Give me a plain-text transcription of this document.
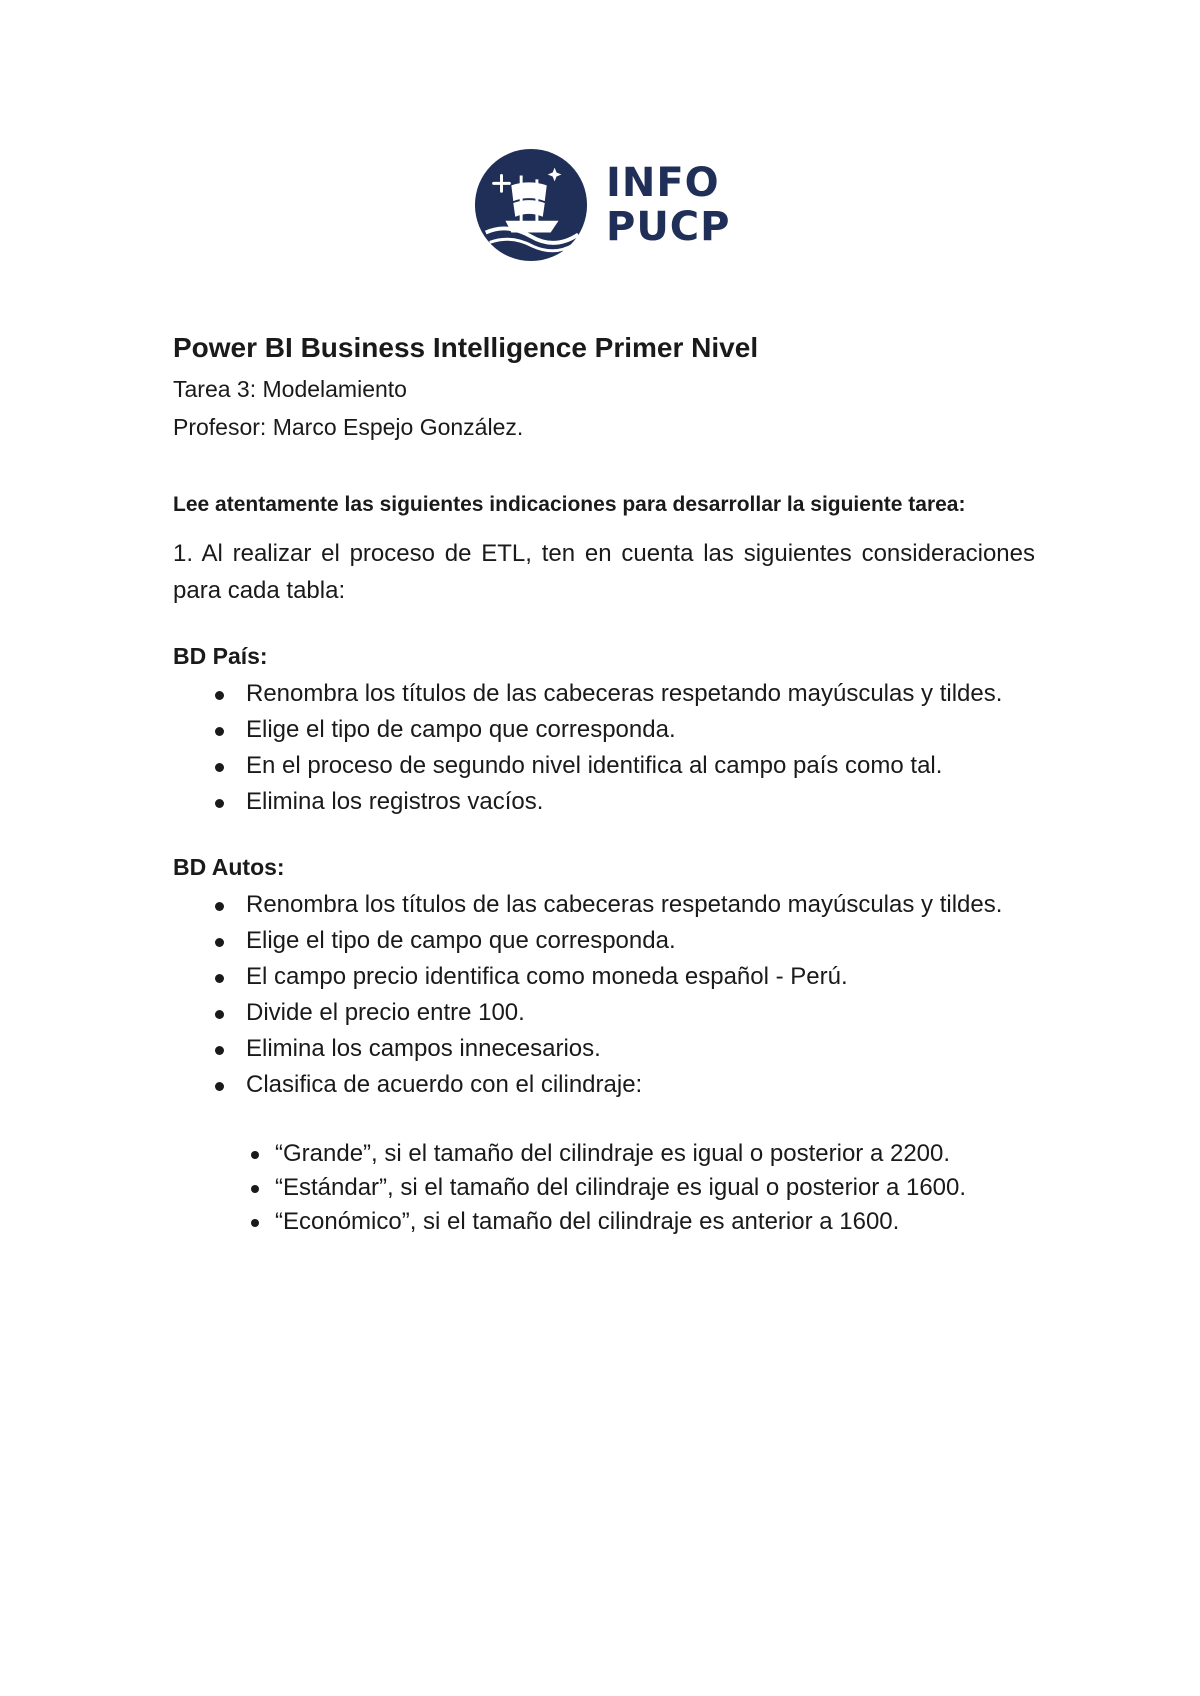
INFO
PUCP
Power BI Business Intelligence Primer Nivel

Tarea 3: Modelamiento

Profesor: Marco Espejo González.

Lee atentamente las siguientes indicaciones para desarrollar la siguiente tarea:

1. Al realizar el proceso de ETL, ten en cuenta las siguientes consideraciones para cada tabla:

BD País:
Renombra los títulos de las cabeceras respetando mayúsculas y tildes.
Elige el tipo de campo que corresponda.
En el proceso de segundo nivel identifica al campo país como tal.
Elimina los registros vacíos.
BD Autos:
Renombra los títulos de las cabeceras respetando mayúsculas y tildes.
Elige el tipo de campo que corresponda.
El campo precio identifica como moneda español - Perú.
Divide el precio entre 100.
Elimina los campos innecesarios.
Clasifica de acuerdo con el cilindraje:
“Grande”, si el tamaño del cilindraje es igual o posterior a 2200.
“Estándar”, si el tamaño del cilindraje es igual o posterior a 1600.
“Económico”, si el tamaño del cilindraje es anterior a 1600.
